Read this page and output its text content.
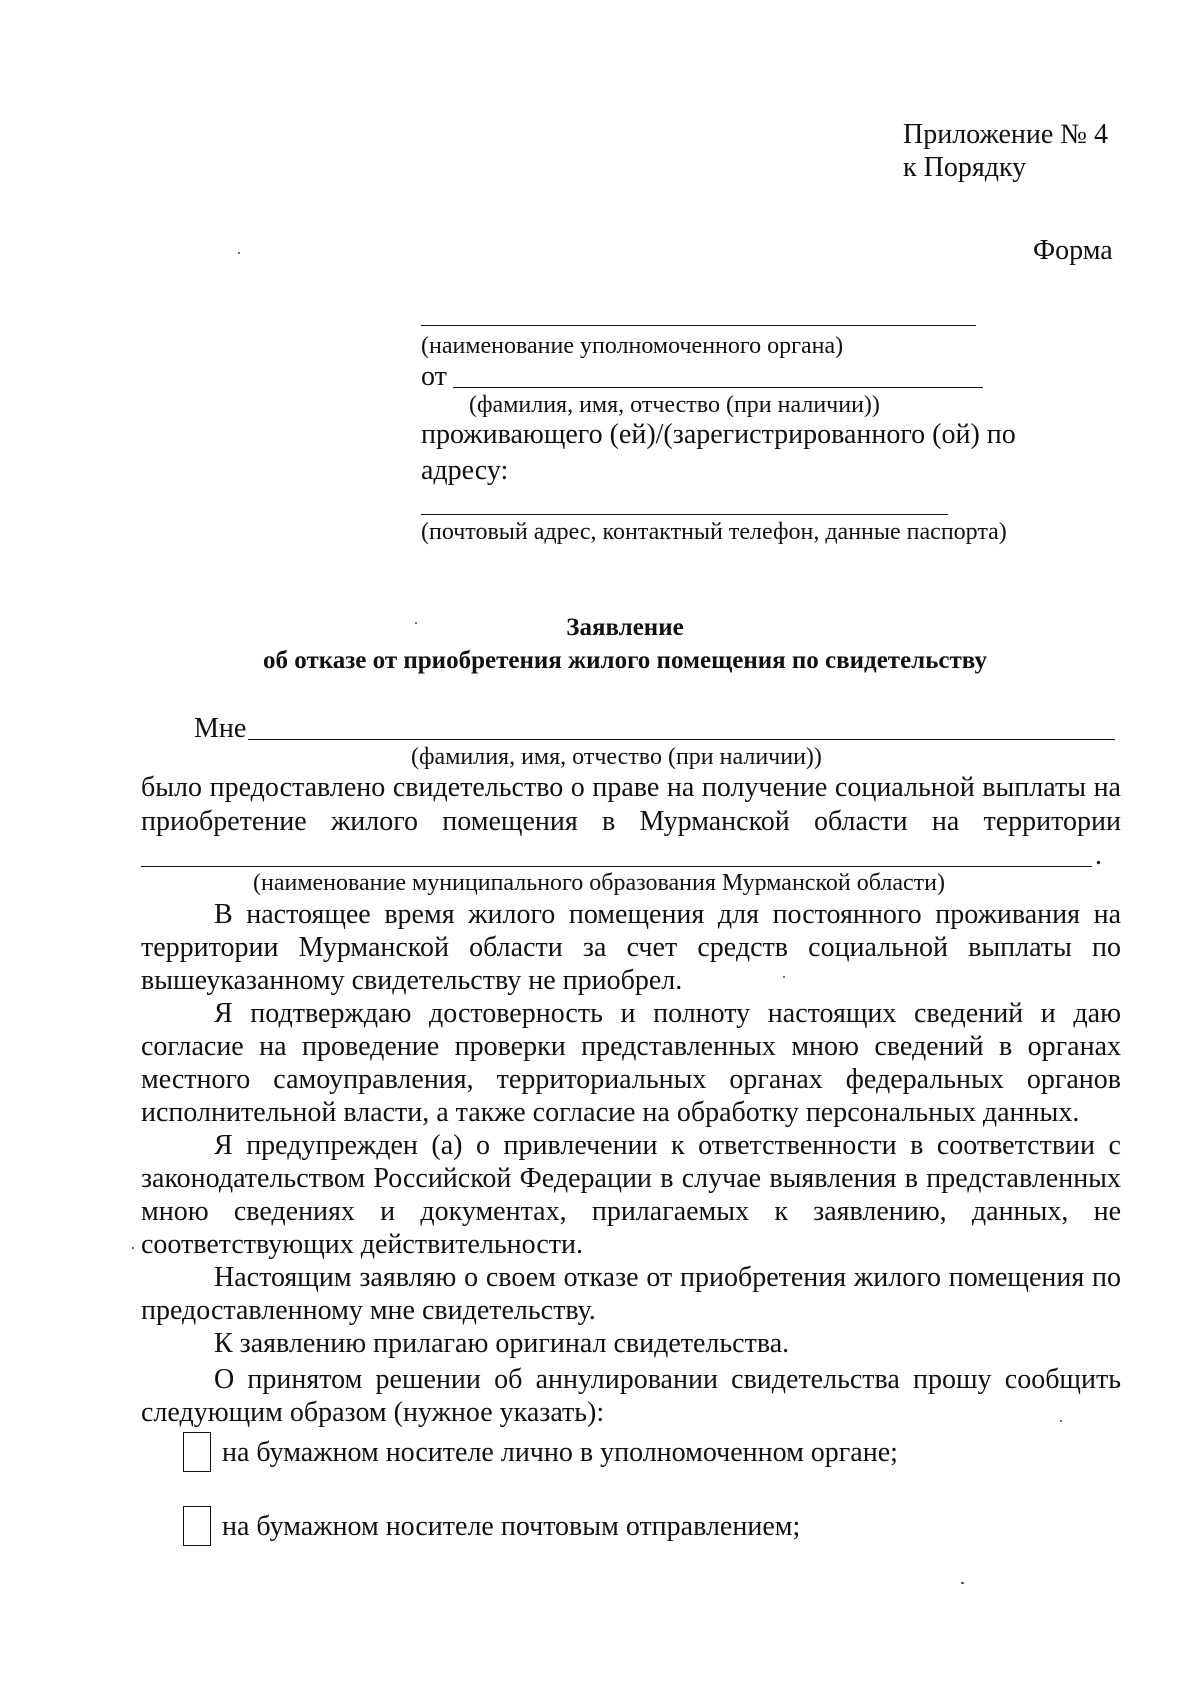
Приложение № 4
к Порядку
Форма
(наименование уполномоченного органа)
от
(фамилия, имя, отчество (при наличии))
проживающего (ей)/(зарегистрированного (ой) по
адресу:
(почтовый адрес, контактный телефон, данные паспорта)
Заявление
об отказе от приобретения жилого помещения по свидетельству
Мне
(фамилия, имя, отчество (при наличии))
было предоставлено свидетельство о праве на получение социальной выплаты на
приобретение жилого помещения в Мурманской области на территории
.
(наименование муниципального образования Мурманской области)
В настоящее время жилого помещения для постоянного проживания на территории Мурманской области за счет средств социальной выплаты по вышеуказанному свидетельству не приобрел.
Я подтверждаю достоверность и полноту настоящих сведений и даю согласие на проведение проверки представленных мною сведений в органах местного самоуправления, территориальных органах федеральных органов исполнительной власти, а также согласие на обработку персональных данных.
Я предупрежден (а) о привлечении к ответственности в соответствии с законодательством Российской Федерации в случае выявления в представленных мною сведениях и документах, прилагаемых к заявлению, данных, не соответствующих действительности.
Настоящим заявляю о своем отказе от приобретения жилого помещения по предоставленному мне свидетельству.
К заявлению прилагаю оригинал свидетельства.
О принятом решении об аннулировании свидетельства прошу сообщить следующим образом (нужное указать):
на бумажном носителе лично в уполномоченном органе;
на бумажном носителе почтовым отправлением;
